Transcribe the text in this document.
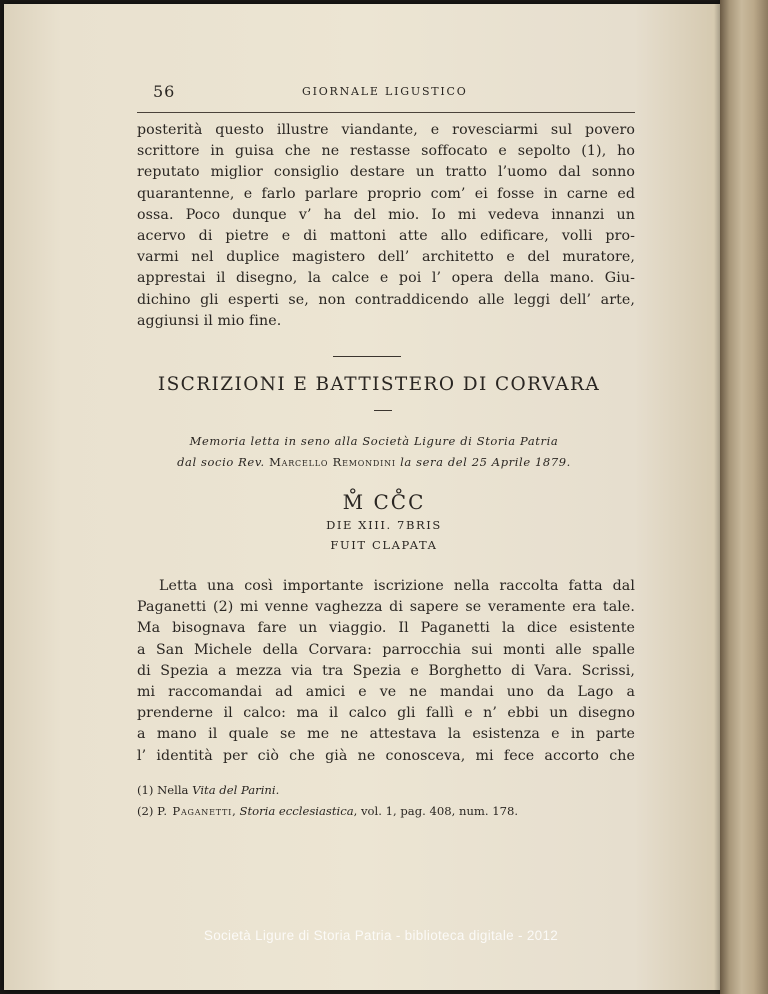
56	GIORNALE LIGUSTICO
posterità questo illustre viandante, e rovesciarmi sul povero
scrittore in guisa che ne restasse soffocato e sepolto (1), ho
reputato miglior consiglio destare un tratto l’uomo dal sonno
quarantenne, e farlo parlare proprio com’ ei fosse in carne ed
ossa. Poco dunque v’ ha del mio. Io mi vedeva innanzi un
acervo di pietre e di mattoni atte allo edificare, volli pro-
varmi nel duplice magistero dell’ architetto e del muratore,
apprestai il disegno, la calce e poi l’ opera della mano. Giu-
dichino gli esperti se, non contraddicendo alle leggi dell’ arte,
aggiunsi il mio fine.
ISCRIZIONI E BATTISTERO DI CORVARA
Memoria letta in seno alla Società Ligure di Storia Patria
dal socio Rev. Marcello Remondini la sera del 25 Aprile 1879.
M̊ CC̊C
DIE XIII. 7BRIS
FUIT CLAPATA
Letta una così importante iscrizione nella raccolta fatta dal
Paganetti (2) mi venne vaghezza di sapere se veramente era tale.
Ma bisognava fare un viaggio. Il Paganetti la dice esistente
a San Michele della Corvara: parrocchia sui monti alle spalle
di Spezia a mezza via tra Spezia e Borghetto di Vara. Scrissi,
mi raccomandai ad amici e ve ne mandai uno da Lago a
prenderne il calco: ma il calco gli fallì e n’ ebbi un disegno
a mano il quale se me ne attestava la esistenza e in parte
l’ identità per ciò che già ne conosceva, mi fece accorto che
(1) Nella Vita del Parini.
(2) P. Paganetti, Storia ecclesiastica, vol. 1, pag. 408, num. 178.
Società Ligure di Storia Patria - biblioteca digitale - 2012
